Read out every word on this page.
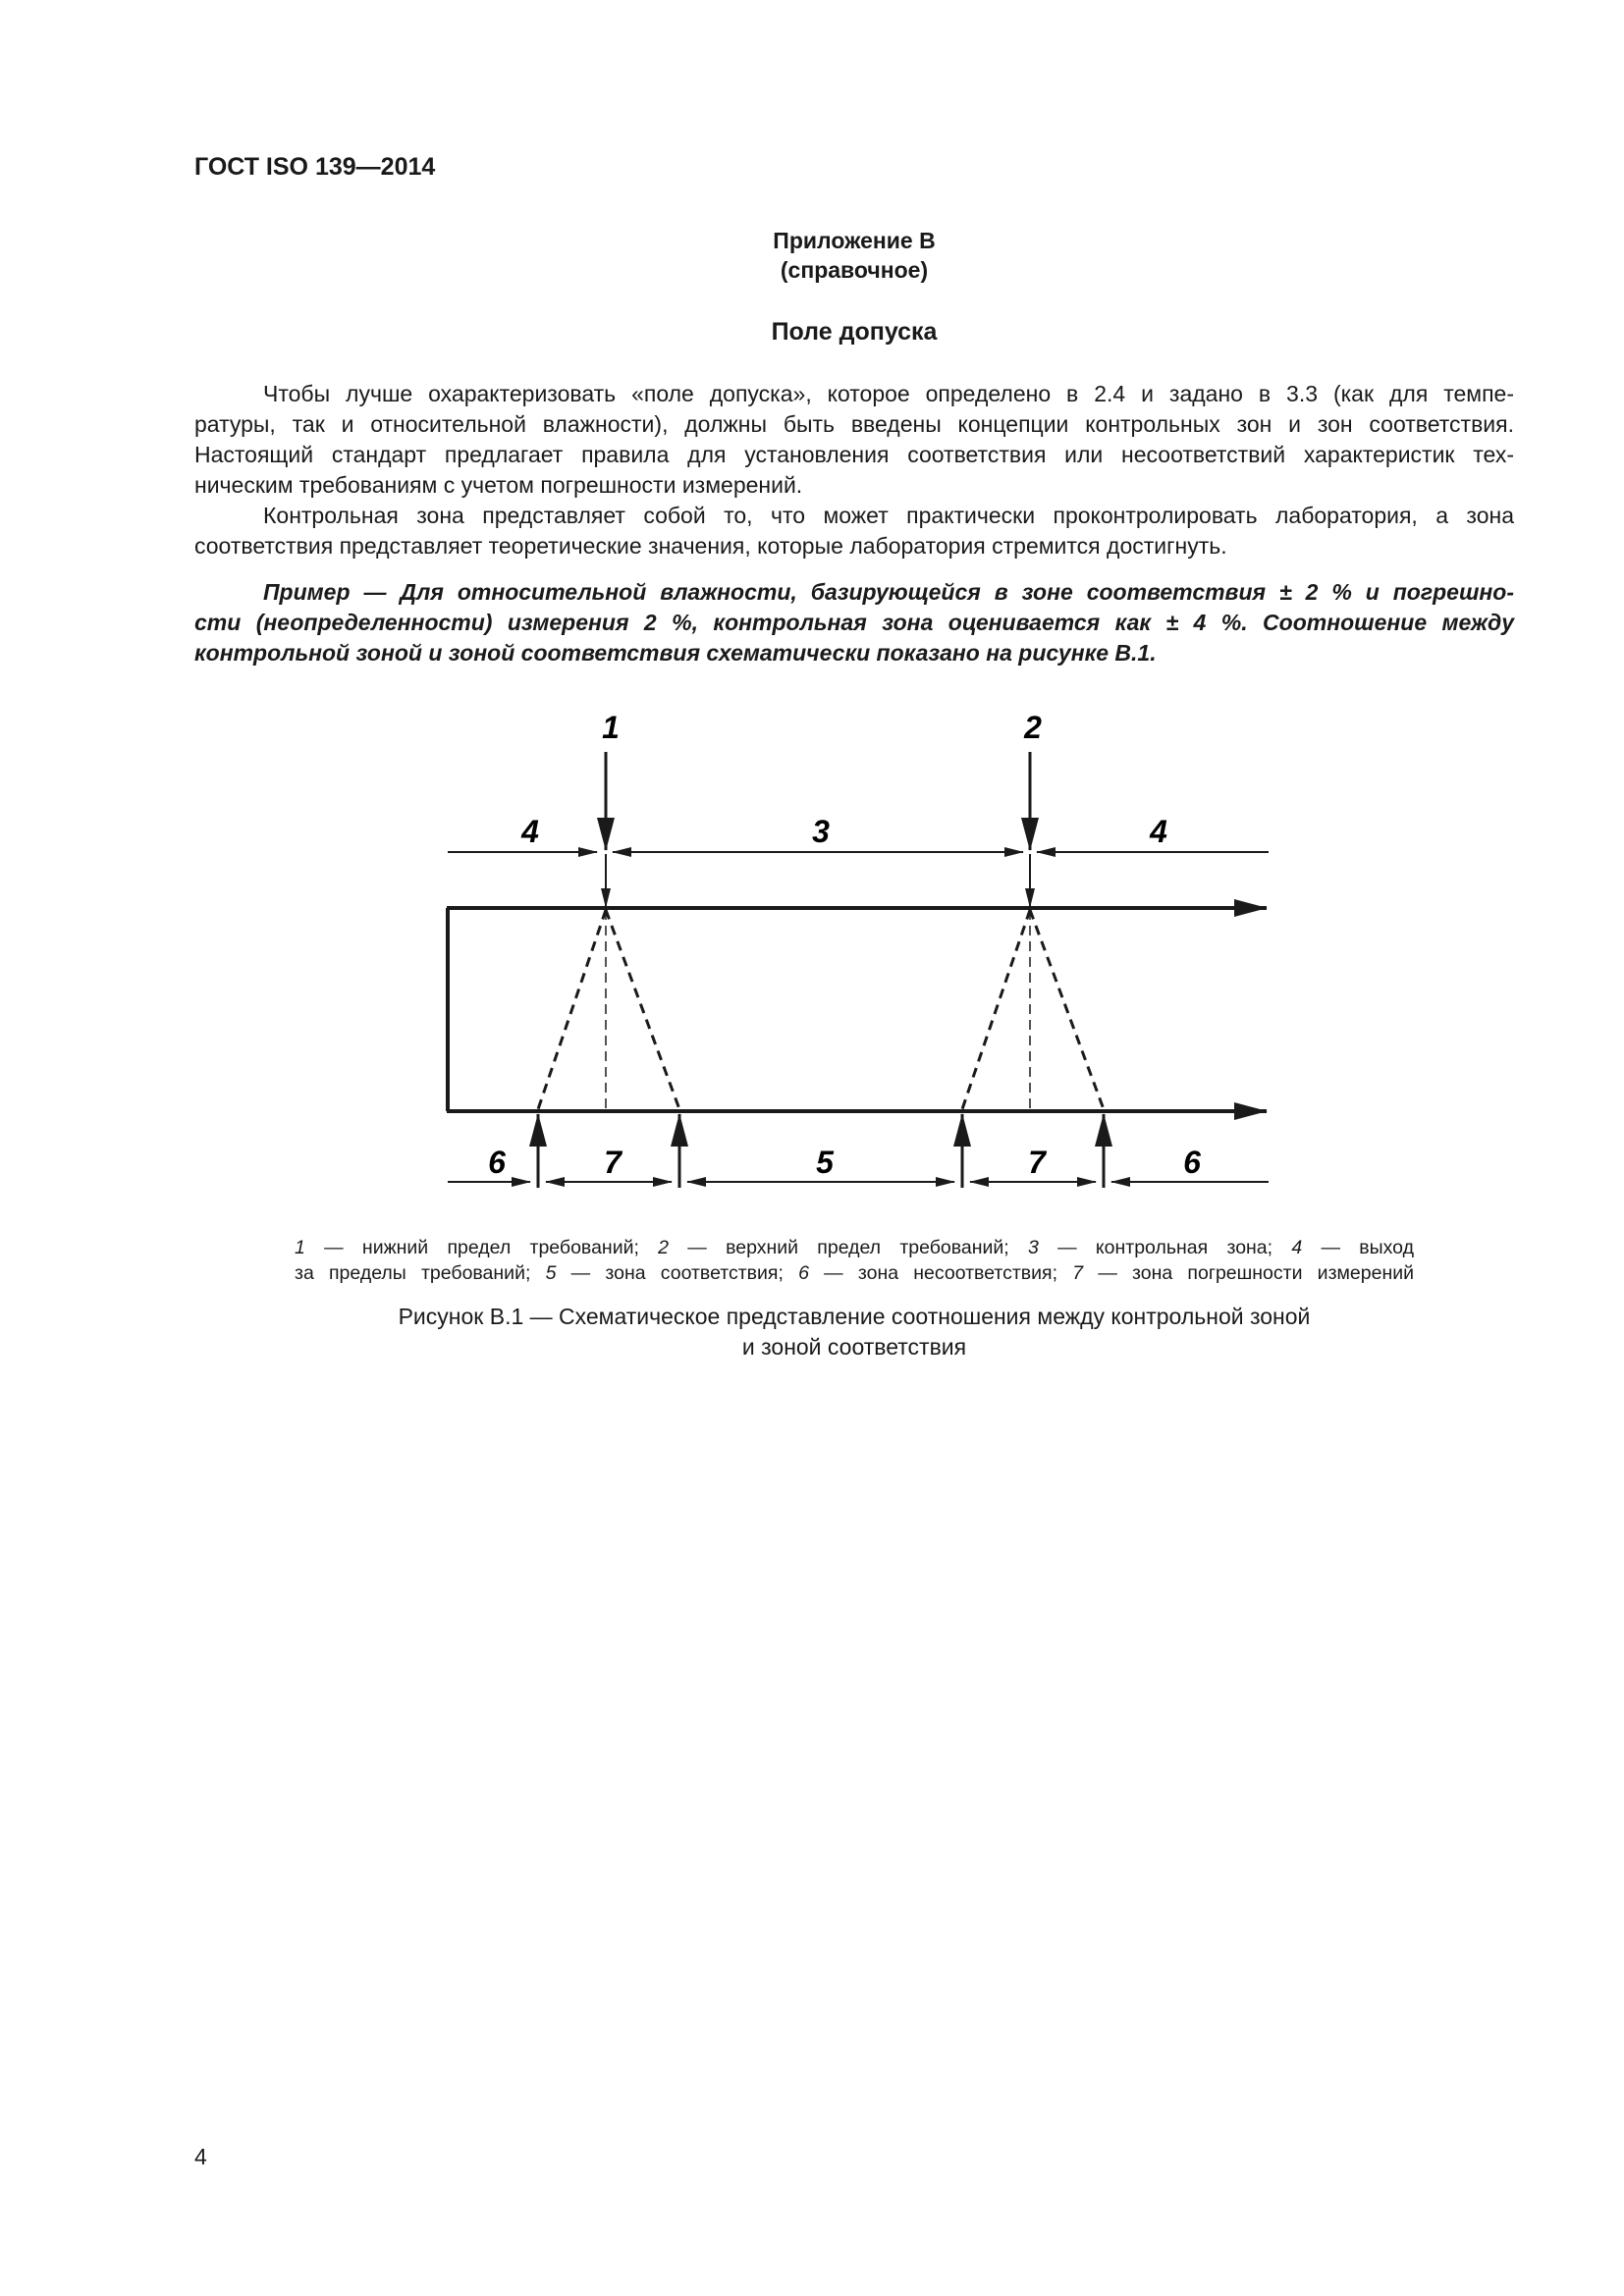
ГОСТ ISO 139—2014
Приложение В
(справочное)
Поле допуска
Чтобы лучше охарактеризовать «поле допуска», которое определено в 2.4 и задано в 3.3 (как для темпе-
ратуры, так и относительной влажности), должны быть введены концепции контрольных зон и зон соответствия.
Настоящий стандарт предлагает правила для установления соответствия или несоответствий характеристик тех-
ническим требованиям с учетом погрешности измерений.
Контрольная зона представляет собой то, что может практически проконтролировать лаборатория, а зона
соответствия представляет теоретические значения, которые лаборатория стремится достигнуть.
Пример — Для относительной влажности, базирующейся в зоне соответствия ± 2 % и погрешно-
сти (неопределенности) измерения 2 %, контрольная зона оценивается как ± 4 %. Соотношение между
контрольной зоной и зоной соответствия схематически показано на рисунке В.1.
1	2
4	3	4
6	7	5	7	6
1 — нижний предел требований; 2 — верхний предел требований; 3 — контрольная зона; 4 — выход
за пределы требований; 5 — зона соответствия; 6 — зона несоответствия; 7 — зона погрешности измерений
Рисунок В.1 — Схематическое представление соотношения между контрольной зоной
и зоной соответствия
4
